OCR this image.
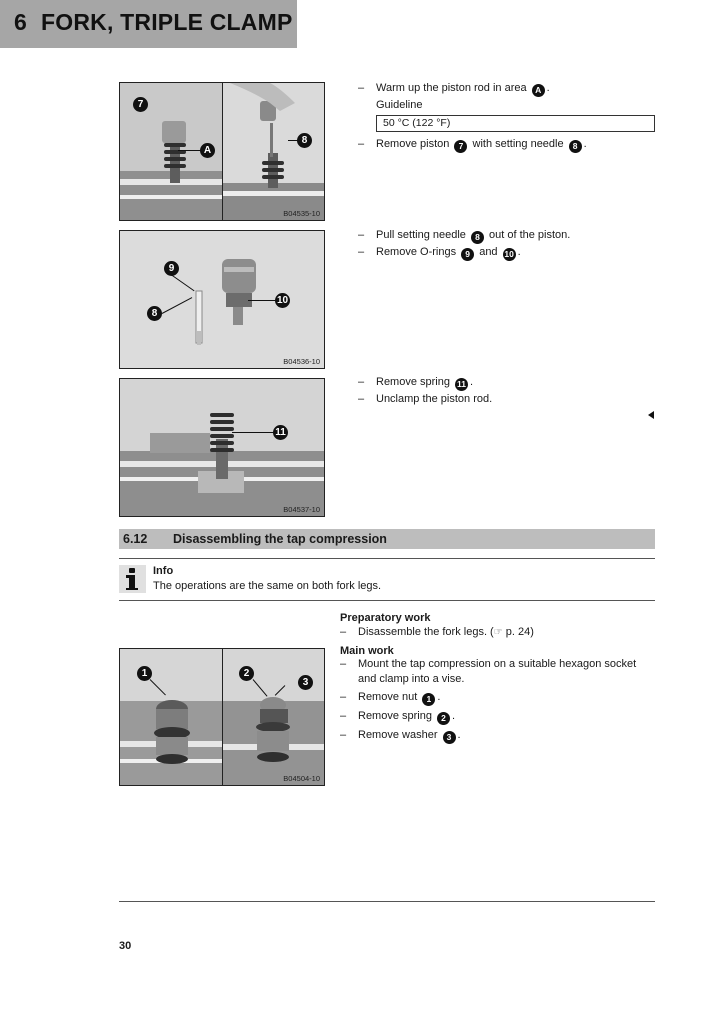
6 FORK, TRIPLE CLAMP
7
A
8
B04535-10
– Warm up the piston rod in area A .
Guideline
50 °C (122 °F)
– Remove piston 7 with setting needle 8 .
9
8
10
B04536-10
– Pull setting needle 8 out of the piston.
– Remove O-rings 9 and 10 .
11
B04537-10
– Remove spring 11 .
– Unclamp the piston rod.
6.12 Disassembling the tap compression
Info
The operations are the same on both fork legs.
Preparatory work
– Disassemble the fork legs. (☞ p. 24)
Main work
– Mount the tap compression on a suitable hexagon socket
and clamp into a vise.
– Remove nut 1 .
– Remove spring 2 .
– Remove washer 3 .
1	2
3
B04504-10
30
